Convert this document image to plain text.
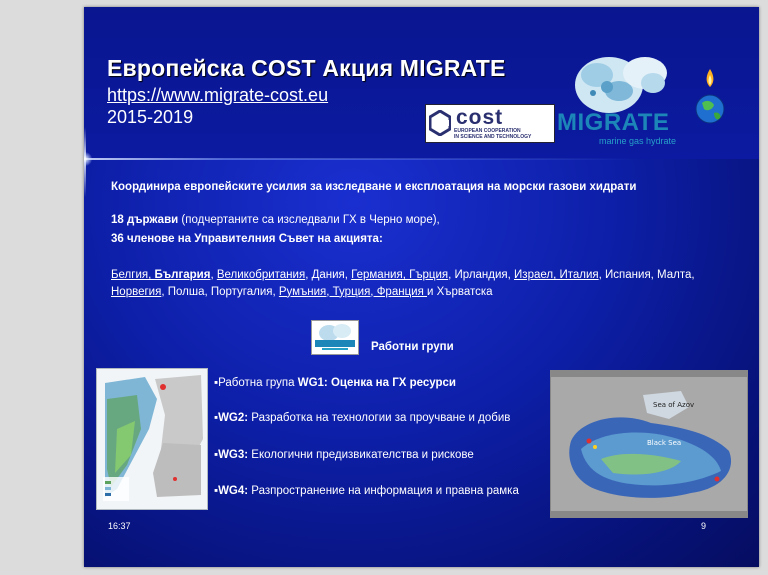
Европейска COST Акция MIGRATE
https://www.migrate-cost.eu
2015-2019	cost
EUROPEAN COOPERATION
IN SCIENCE AND TECHNOLOGY
MIGRATE
marine gas hydrate
Координира европейските усилия за изследване и експлоатация на морски газови хидрати
18 държави (подчертаните са изследвали ГХ в Черно море),
36 членове на Управителния Съвет на акцията:
Белгия, България, Великобритания, Дания, Германия, Гърция, Ирландия, Израел, Италия, Испания, Малта, Норвегия, Полша, Португалия, Румъния, Турция, Франция и Хърватска
Работни групи
▪Работна група WG1: Оценка на ГХ ресурси
▪WG2: Разработка на технологии за проучване и добив
▪WG3: Екологични предизвикателства и рискове
▪WG4: Разпространение на информация и правна рамка
Sea of Azov
Black Sea
16:37	9
